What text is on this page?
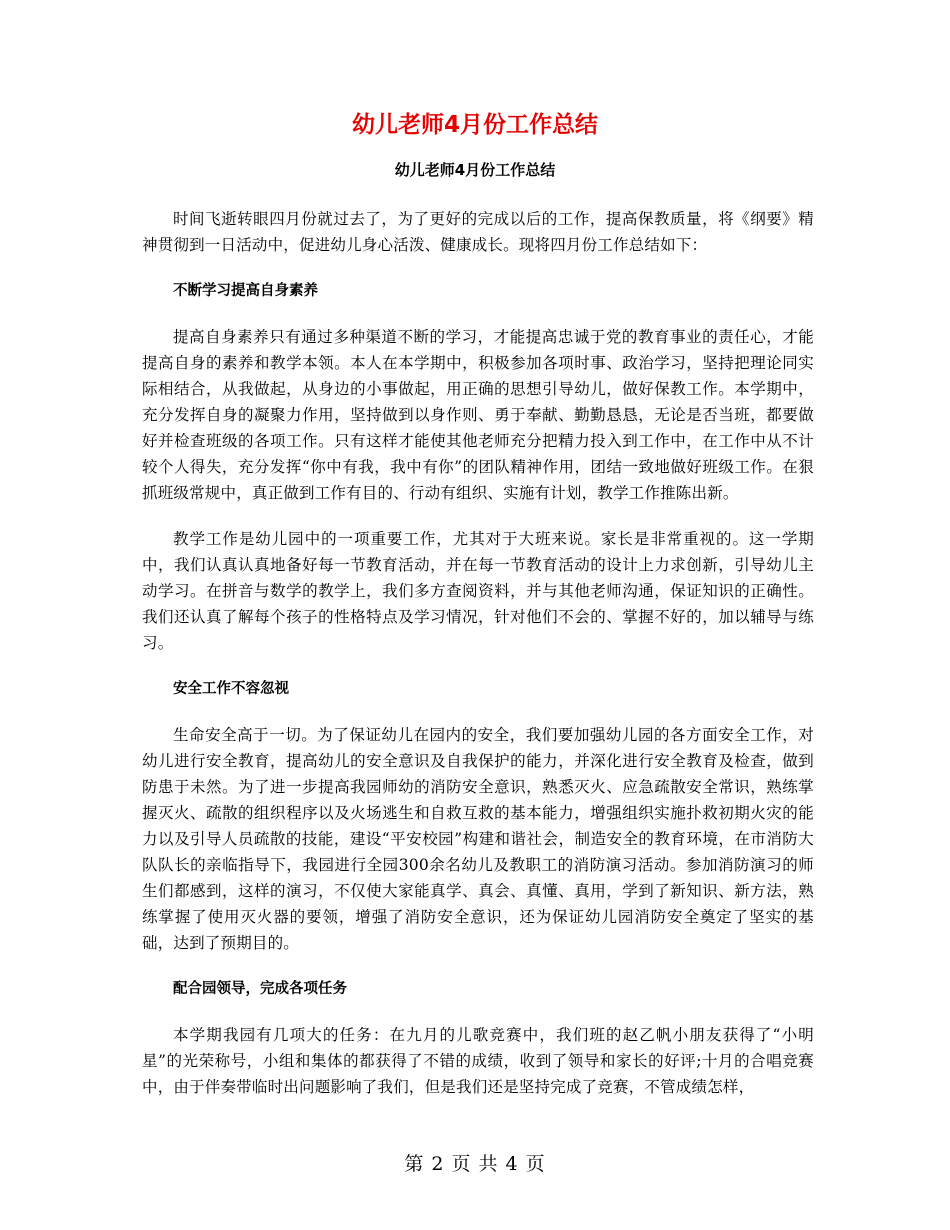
幼儿老师4月份工作总结
幼儿老师4月份工作总结

时间飞逝转眼四月份就过去了，为了更好的完成以后的工作，提高保教质量，将《纲要》精神贯彻到一日活动中，促进幼儿身心活泼、健康成长。现将四月份工作总结如下：

不断学习提高自身素养

提高自身素养只有通过多种渠道不断的学习，才能提高忠诚于党的教育事业的责任心，才能提高自身的素养和教学本领。本人在本学期中，积极参加各项时事、政治学习，坚持把理论同实际相结合，从我做起，从身边的小事做起，用正确的思想引导幼儿，做好保教工作。本学期中，充分发挥自身的凝聚力作用，坚持做到以身作则、勇于奉献、勤勤恳恳，无论是否当班，都要做好并检查班级的各项工作。只有这样才能使其他老师充分把精力投入到工作中，在工作中从不计较个人得失，充分发挥“你中有我，我中有你”的团队精神作用，团结一致地做好班级工作。在狠抓班级常规中，真正做到工作有目的、行动有组织、实施有计划，教学工作推陈出新。

教学工作是幼儿园中的一项重要工作，尤其对于大班来说。家长是非常重视的。这一学期中，我们认真认真地备好每一节教育活动，并在每一节教育活动的设计上力求创新，引导幼儿主动学习。在拼音与数学的教学上，我们多方查阅资料，并与其他老师沟通，保证知识的正确性。我们还认真了解每个孩子的性格特点及学习情况，针对他们不会的、掌握不好的，加以辅导与练习。

安全工作不容忽视

生命安全高于一切。为了保证幼儿在园内的安全，我们要加强幼儿园的各方面安全工作，对幼儿进行安全教育，提高幼儿的安全意识及自我保护的能力，并深化进行安全教育及检查，做到防患于未然。为了进一步提高我园师幼的消防安全意识，熟悉灭火、应急疏散安全常识，熟练掌握灭火、疏散的组织程序以及火场逃生和自救互救的基本能力，增强组织实施扑救初期火灾的能力以及引导人员疏散的技能，建设“平安校园”构建和谐社会，制造安全的教育环境，在市消防大队队长的亲临指导下，我园进行全园300余名幼儿及教职工的消防演习活动。参加消防演习的师生们都感到，这样的演习，不仅使大家能真学、真会、真懂、真用，学到了新知识、新方法，熟练掌握了使用灭火器的要领，增强了消防安全意识，还为保证幼儿园消防安全奠定了坚实的基础，达到了预期目的。

配合园领导，完成各项任务

本学期我园有几项大的任务：在九月的儿歌竞赛中，我们班的赵乙帆小朋友获得了“小明星”的光荣称号，小组和集体的都获得了不错的成绩，收到了领导和家长的好评;十月的合唱竞赛中，由于伴奏带临时出问题影响了我们，但是我们还是坚持完成了竞赛，不管成绩怎样，

第 2 页 共 4 页
